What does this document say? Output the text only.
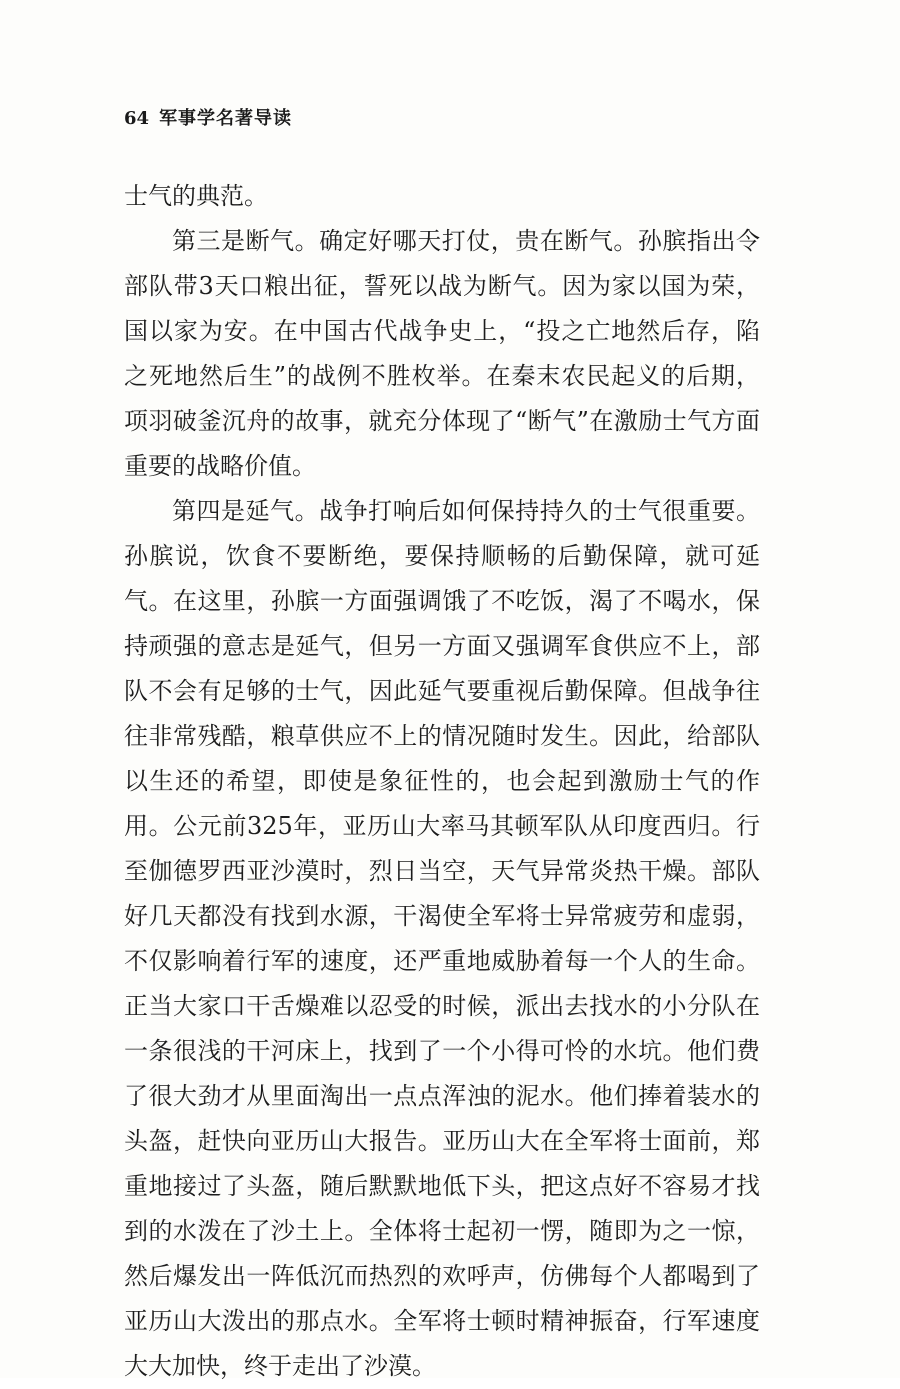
64 军事学名著导读

士气的典范。

第三是断气。确定好哪天打仗，贵在断气。孙膑指出令部队带3天口粮出征，誓死以战为断气。因为家以国为荣，国以家为安。在中国古代战争史上，“投之亡地然后存，陷之死地然后生”的战例不胜枚举。在秦末农民起义的后期，项羽破釜沉舟的故事，就充分体现了“断气”在激励士气方面重要的战略价值。

第四是延气。战争打响后如何保持持久的士气很重要。孙膑说，饮食不要断绝，要保持顺畅的后勤保障，就可延气。在这里，孙膑一方面强调饿了不吃饭，渴了不喝水，保持顽强的意志是延气，但另一方面又强调军食供应不上，部队不会有足够的士气，因此延气要重视后勤保障。但战争往往非常残酷，粮草供应不上的情况随时发生。因此，给部队以生还的希望，即使是象征性的，也会起到激励士气的作用。公元前325年，亚历山大率马其顿军队从印度西归。行至伽德罗西亚沙漠时，烈日当空，天气异常炎热干燥。部队好几天都没有找到水源，干渴使全军将士异常疲劳和虚弱，不仅影响着行军的速度，还严重地威胁着每一个人的生命。正当大家口干舌燥难以忍受的时候，派出去找水的小分队在一条很浅的干河床上，找到了一个小得可怜的水坑。他们费了很大劲才从里面淘出一点点浑浊的泥水。他们捧着装水的头盔，赶快向亚历山大报告。亚历山大在全军将士面前，郑重地接过了头盔，随后默默地低下头，把这点好不容易才找到的水泼在了沙土上。全体将士起初一愣，随即为之一惊，然后爆发出一阵低沉而热烈的欢呼声，仿佛每个人都喝到了亚历山大泼出的那点水。全军将士顿时精神振奋，行军速度大大加快，终于走出了沙漠。
